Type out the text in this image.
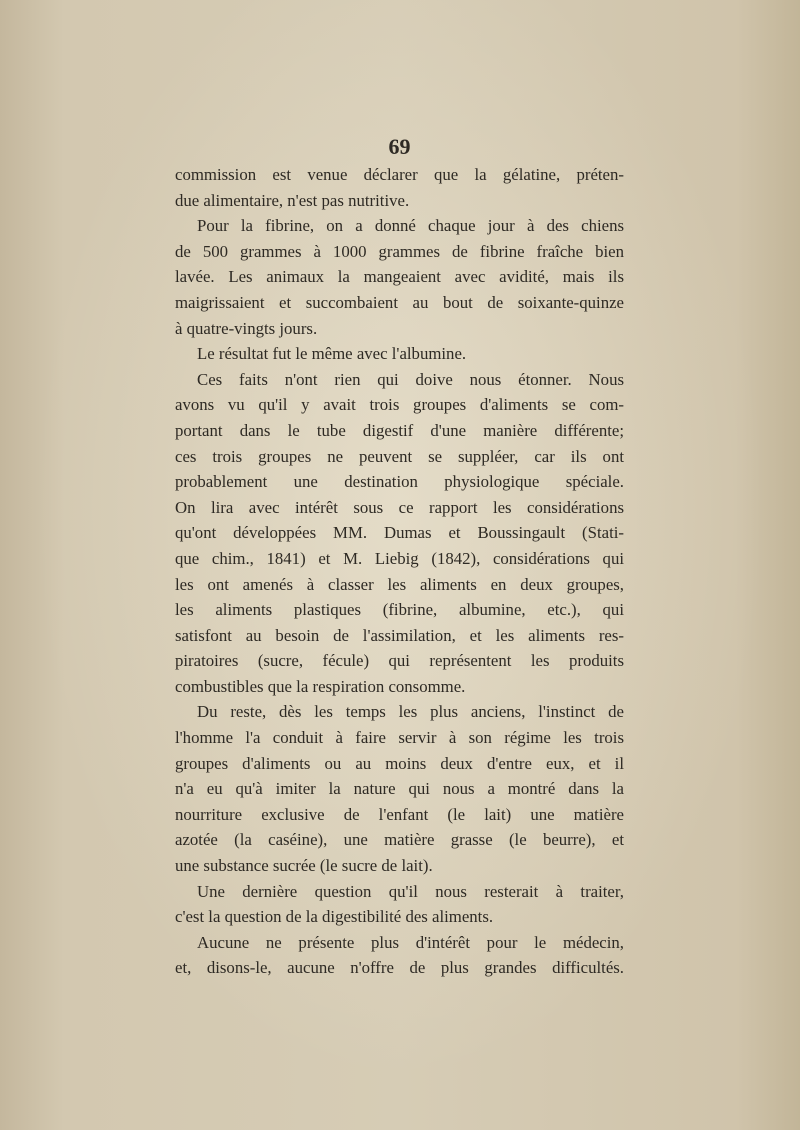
69
commission est venue déclarer que la gélatine, préten-
due alimentaire, n'est pas nutritive.
Pour la fibrine, on a donné chaque jour à des chiens
de 500 grammes à 1000 grammes de fibrine fraîche bien
lavée. Les animaux la mangeaient avec avidité, mais ils
maigrissaient et succombaient au bout de soixante-quinze
à quatre-vingts jours.
Le résultat fut le même avec l'albumine.
Ces faits n'ont rien qui doive nous étonner. Nous
avons vu qu'il y avait trois groupes d'aliments se com-
portant dans le tube digestif d'une manière différente;
ces trois groupes ne peuvent se suppléer, car ils ont
probablement une destination physiologique spéciale.
On lira avec intérêt sous ce rapport les considérations
qu'ont développées MM. Dumas et Boussingault (Stati-
que chim., 1841) et M. Liebig (1842), considérations qui
les ont amenés à classer les aliments en deux groupes,
les aliments plastiques (fibrine, albumine, etc.), qui
satisfont au besoin de l'assimilation, et les aliments res-
piratoires (sucre, fécule) qui représentent les produits
combustibles que la respiration consomme.
Du reste, dès les temps les plus anciens, l'instinct de
l'homme l'a conduit à faire servir à son régime les trois
groupes d'aliments ou au moins deux d'entre eux, et il
n'a eu qu'à imiter la nature qui nous a montré dans la
nourriture exclusive de l'enfant (le lait) une matière
azotée (la caséine), une matière grasse (le beurre), et
une substance sucrée (le sucre de lait).
Une dernière question qu'il nous resterait à traiter,
c'est la question de la digestibilité des aliments.
Aucune ne présente plus d'intérêt pour le médecin,
et, disons-le, aucune n'offre de plus grandes difficultés.
